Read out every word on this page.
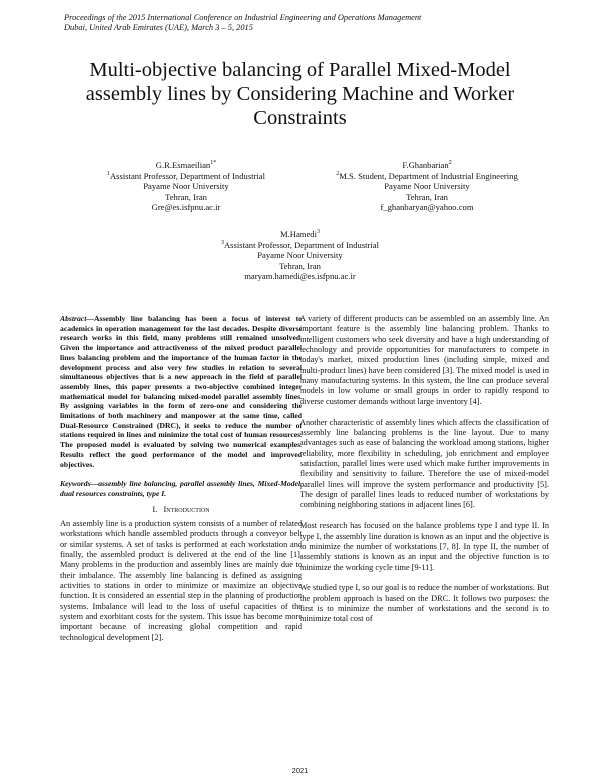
Proceedings of the 2015 International Conference on Industrial Engineering and Operations Management
Dubai, United Arab Emirates (UAE), March 3 – 5, 2015
Multi-objective balancing of Parallel Mixed-Model
assembly lines by Considering Machine and Worker
Constraints
G.R.Esmaeilian$^{1*}$
$^1$Assistant Professor, Department of Industrial
Payame Noor University
Tehran, Iran
Gre@es.isfpnu.ac.ir
F.Ghanbarian$^2$
$^2$M.S. Student, Department of Industrial Engineering
Payame Noor University
Tehran, Iran
f_ghanbaryan@yahoo.com
M.Hamedi$^3$
$^3$Assistant Professor, Department of Industrial
Payame Noor University
Tehran, Iran
maryam.hamedi@es.isfpnu.ac.ir
Abstract—Assembly line balancing has been a focus of interest to academics in operation management for the last decades. Despite diverse research works in this field, many problems still remained unsolved. Given the importance and attractiveness of the mixed product parallel lines balancing problem and the importance of the human factor in the development process and also very few studies in relation to several simultaneous objectives that is a new approach in the field of parallel assembly lines, this paper presents a two-objective combined integer mathematical model for balancing mixed-model parallel assembly lines. By assigning variables in the form of zero-one and considering the limitations of both machinery and manpower at the same time, called Dual-Resource Constrained (DRC), it seeks to reduce the number of stations required in lines and minimize the total cost of human resources. The proposed model is evaluated by solving two numerical examples. Results reflect the good performance of the model and improved objectives.
Keywords—assembly line balancing, parallel assembly lines, Mixed-Model, dual resources constraints, type I.
I. Introduction

An assembly line is a production system consists of a number of related workstations which handle assembled products through a conveyor belt or similar systems. A set of tasks is performed at each workstation and finally, the assembled product is delivered at the end of the line [1]. Many problems in the production and assembly lines are mainly due to their imbalance. The assembly line balancing is defined as assigning activities to stations in order to minimize or maximize an objective function. It is considered an essential step in the planning of production systems. Imbalance will lead to the loss of useful capacities of the system and exorbitant costs for the system. This issue has become more important because of increasing global competition and rapid technological development [2].

A variety of different products can be assembled on an assembly line. An important feature is the assembly line balancing problem. Thanks to intelligent customers who seek diversity and have a high understanding of technology and provide opportunities for manufacturers to compete in today's market, mixed production lines (including simple, mixed and multi-product lines) have been considered [3]. The mixed model is used in many manufacturing systems. In this system, the line can produce several models in low volume or small groups in order to rapidly respond to diverse customer demands without large inventory [4].

Another characteristic of assembly lines which affects the classification of assembly line balancing problems is the line layout. Due to many advantages such as ease of balancing the workload among stations, higher reliability, more flexibility in scheduling, job enrichment and employee satisfaction, parallel lines were used which make further improvements in flexibility and sensitivity to failure. Therefore the use of mixed-model parallel lines will improve the system performance and productivity [5]. The design of parallel lines leads to reduced number of workstations by combining neighboring stations in adjacent lines [6].

Most research has focused on the balance problems type I and type II. In type I, the assembly line duration is known as an input and the objective is to minimize the number of workstations [7, 8]. In type II, the number of assembly stations is known as an input and the objective function is to minimize the working cycle time [9-11].

We studied type I, so our goal is to reduce the number of workstations. But the problem approach is based on the DRC. It follows two purposes: the first is to minimize the number of workstations and the second is to minimize total cost of

2021
